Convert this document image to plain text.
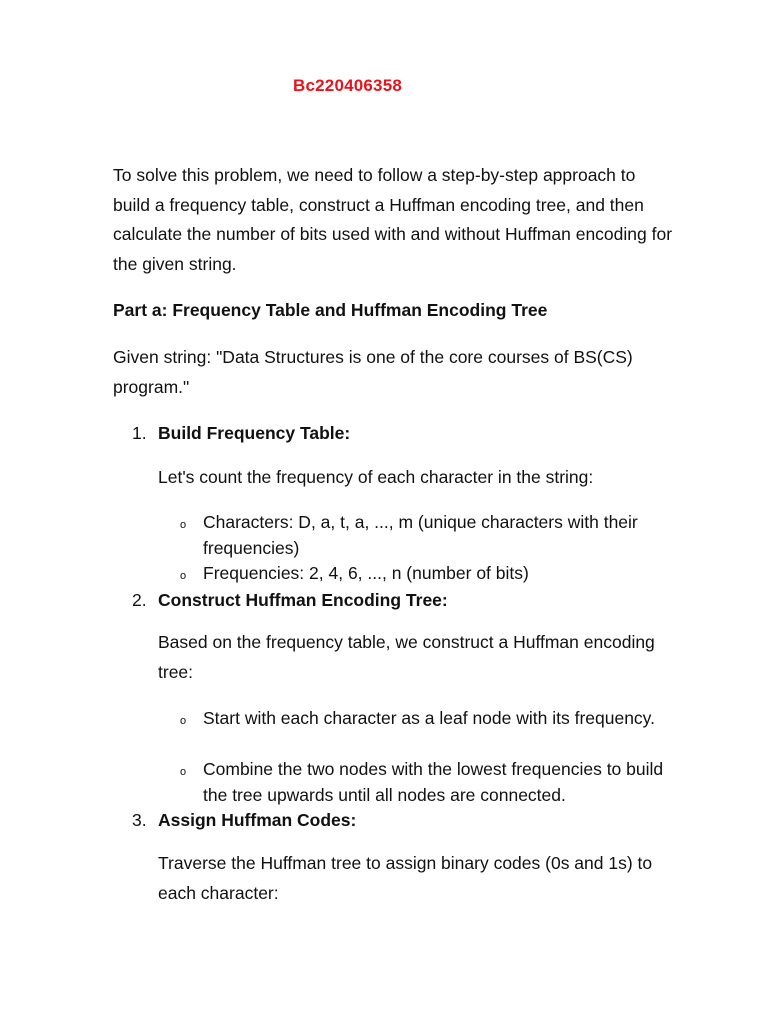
Bc220406358
To solve this problem, we need to follow a step-by-step approach to build a frequency table, construct a Huffman encoding tree, and then calculate the number of bits used with and without Huffman encoding for the given string.
Part a: Frequency Table and Huffman Encoding Tree
Given string: "Data Structures is one of the core courses of BS(CS) program."
1. Build Frequency Table:
Let's count the frequency of each character in the string:
o Characters: D, a, t, a, ..., m (unique characters with their frequencies)
o Frequencies: 2, 4, 6, ..., n (number of bits)
2. Construct Huffman Encoding Tree:
Based on the frequency table, we construct a Huffman encoding tree:
o Start with each character as a leaf node with its frequency.
o Combine the two nodes with the lowest frequencies to build the tree upwards until all nodes are connected.
3. Assign Huffman Codes:
Traverse the Huffman tree to assign binary codes (0s and 1s) to each character:
